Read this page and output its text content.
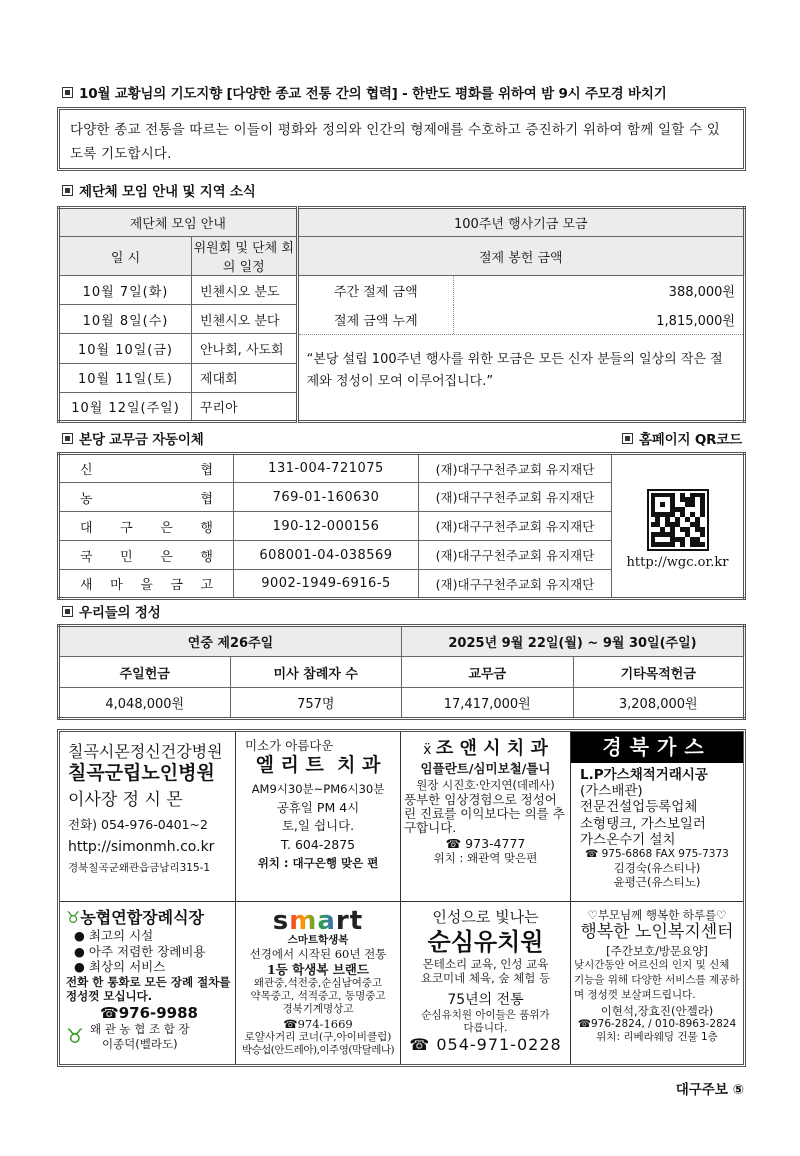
10월 교황님의 기도지향 [다양한 종교 전통 간의 협력] - 한반도 평화를 위하여 밤 9시 주모경 바치기
다양한 종교 전통을 따르는 이들이 평화와 정의와 인간의 형제애를 수호하고 증진하기 위하여 함께 일할 수 있도록 기도합시다.
제단체 모임 안내 및 지역 소식
제단체 모임 안내	100주년 행사기금 모금
일 시	위원회 및 단체 회의 일정	절제 봉헌 금액
10월 7일(화)	빈첸시오 분도		주간 절제 금액	388,000원
절제 금액 누계	1,815,000원
“본당 설립 100주년 행사를 위한 모금은 모든 신자 분들의 일상의 작은 절제와 정성이 모여 이루어집니다.”

10월 8일(수)	빈첸시오 분다
10월 10일(금)	안나회, 사도회
10월 11일(토)	제대회
10월 12일(주일)	꾸리아
본당 교무금 자동이체	홈페이지 QR코드
신 협	131-004-721075	(재)대구구천주교회 유지재단	http://wgc.or.kr

농 협	769-01-160630	(재)대구구천주교회 유지재단	

대 구 은 행	190-12-000156	(재)대구구천주교회 유지재단	

국 민 은 행	608001-04-038569	(재)대구구천주교회 유지재단	

새 마 을 금 고	9002-1949-6916-5	(재)대구구천주교회 유지재단	
우리들의 정성
연중 제26주일		2025년 9월 22일(월) ~ 9월 30일(주일)	
주일헌금	미사 참례자 수	교무금	기타목적헌금
4,048,000원	757명	17,417,000원	3,208,000원
칠곡시몬정신건강병원
칠곡군립노인병원
이사장 정 시 몬
전화) 054-976-0401~2
http://simonmh.co.kr
경북칠곡군왜관읍금남리315-1
미소가 아름다운
엘 리 트  치 과
AM9시30분~PM6시30분
공휴일 PM 4시
토,일 쉽니다.
T. 604-2875
위치 : 대구은행 맞은 편
ẍ 조 앤 시 치 과
임플란트/심미보철/틀니
원장 시진호·안지연(데레사)
풍부한 임상경험으로 정성어린 진료를 이익보다는 의를 추구합니다.
☎ 973-4777
위치 : 왜관역 맞은편
경북가스
L.P가스채적거래시공
(가스배관)
전문건설업등록업체
소형탱크, 가스보일러
가스온수기 설치
☎ 975-6868 FAX 975-7373
김경숙(유스티나)
윤평근(유스티노)
♉농협연합장례식장
● 최고의 시설
● 아주 저렴한 장례비용
● 최상의 서비스
전화 한 통화로 모든 장례 절차를 정성껏 모십니다.
☎976-9988
♉ 왜 관 농 협 조 합 장
이종덕(벨라도)
smart
스마트학생복
선경에서 시작된 60년 전통
1등 학생복 브랜드
왜관중,석전중,순심남여중고
약목중고, 석적중고, 동명중고
경북기계명상고
☎974-1669
로얄사거리 코너(구,아이비클럽)
박승섭(안드레아),이주영(막달레나)
인성으로 빛나는
순심유치원
몬테소리 교육, 인성 교육
요코미네 체육, 숲 체험 등
75년의 전통
순심유치원 아이들은 품위가
다릅니다.
☎ 054-971-0228
♡부모님께 행복한 하루를♡
행복한 노인복지센터
[주간보호/방문요양]
낮시간동안 어르신의 인지 및 신체 기능을 위해 다양한 서비스를 제공하며 정성껏 보살펴드립니다.
이현석,장효진(안젤라)
☎976-2824, / 010-8963-2824
위치: 리베라웨딩 건물 1층
대구주보 ⑤
